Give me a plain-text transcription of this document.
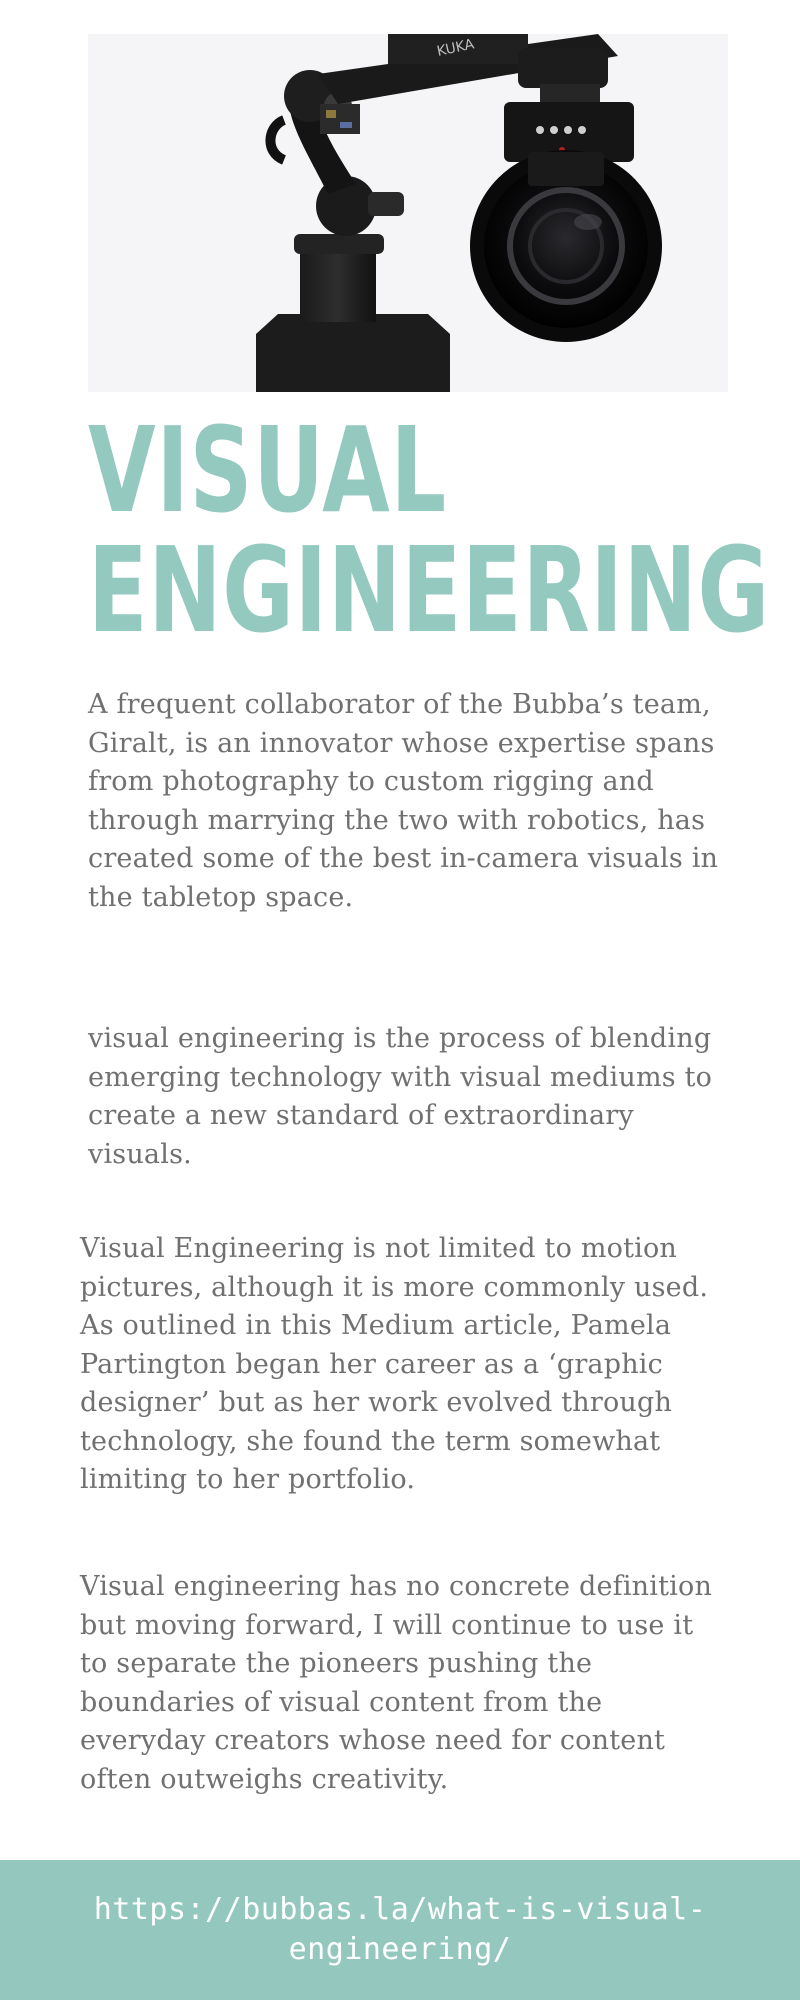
KUKA
VISUAL
ENGINEERING

A frequent collaborator of the Bubba’s team, Giralt, is an innovator whose expertise spans from photography to custom rigging and through marrying the two with robotics, has created some of the best in-camera visuals in the tabletop space.

visual engineering is the process of blending emerging technology with visual mediums to create a new standard of extraordinary visuals.

Visual Engineering is not limited to motion pictures, although it is more commonly used. As outlined in this Medium article, Pamela Partington began her career as a ‘graphic designer’ but as her work evolved through technology, she found the term somewhat limiting to her portfolio.

Visual engineering has no concrete definition but moving forward, I will continue to use it to separate the pioneers pushing the boundaries of visual content from the everyday creators whose need for content often outweighs creativity.

https://bubbas.la/what-is-visual-engineering/
